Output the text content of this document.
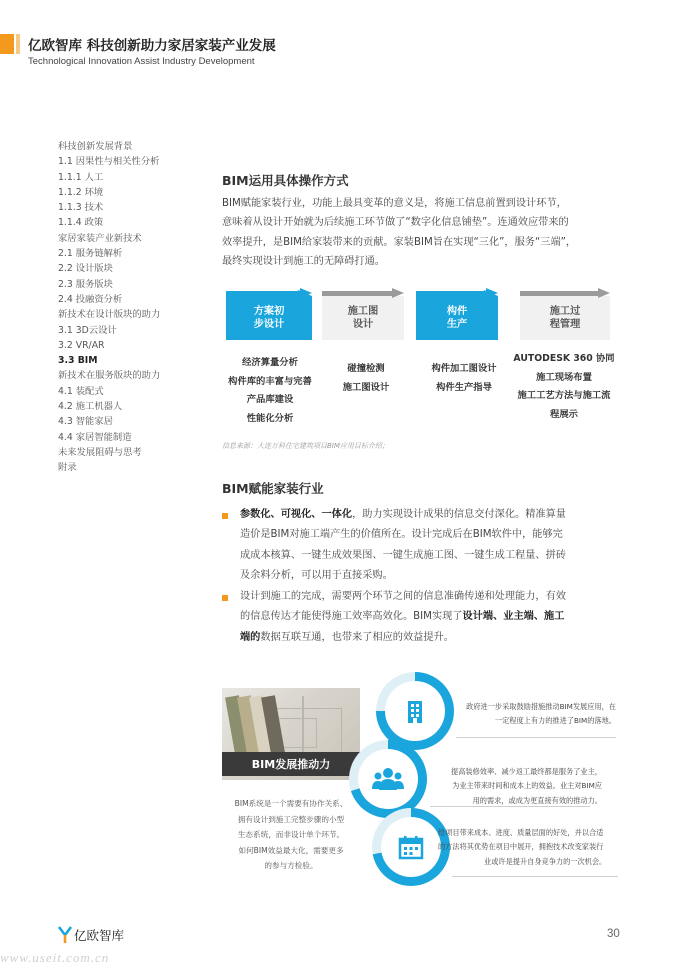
亿欧智库 科技创新助力家居家装产业发展
Technological Innovation Assist Industry Development
科技创新发展背景
1.1 因果性与相关性分析
1.1.1 人工
1.1.2 环境
1.1.3 技术
1.1.4 政策
家居家装产业新技术
2.1 服务链解析
2.2 设计版块
2.3 服务版块
2.4 投融资分析
新技术在设计版块的助力
3.1 3D云设计
3.2 VR/AR
3.3 BIM
新技术在服务版块的助力
4.1 装配式
4.2 施工机器人
4.3 智能家居
4.4 家居智能制造
未来发展阻碍与思考
附录
BIM运用具体操作方式
BIM赋能家装行业，功能上最具变革的意义是，将施工信息前置到设计环节，
意味着从设计开始就为后续施工环节做了“数字化信息铺垫”。连通效应带来的
效率提升，是BIM给家装带来的贡献。家装BIM旨在实现“三化”，服务“三端”，
最终实现设计到施工的无障碍打通。
方案初
步设计
施工图
设计
构件
生产
施工过
程管理
经济算量分析
构件库的丰富与完善
产品库建设
性能化分析
碰撞检测
施工图设计
构件加工图设计
构件生产指导
AUTODESK 360 协同
施工现场布置
施工工艺方法与施工流
程展示
信息来源：大连万科住宅建筑项目BIM应用目标介绍；
BIM赋能家装行业
参数化、可视化、一体化，助力实现设计成果的信息交付深化。精准算量
造价是BIM对施工端产生的价值所在。设计完成后在BIM软件中，能够完
成成本核算、一键生成效果图、一键生成施工图、一键生成工程量、拼砖
及余料分析，可以用于直接采购。
设计到施工的完成，需要两个环节之间的信息准确传递和处理能力，有效
的信息传达才能使得施工效率高效化。BIM实现了设计端、业主端、施工
端的数据互联互通，也带来了相应的效益提升。
BIM发展推动力
BIM系统是一个需要有协作关系、
拥有设计到施工完整步骤的小型
生态系统，而非设计单个环节。
如何BIM效益最大化，需要更多
的参与方检验。
政府进一步采取鼓励措施推动BIM发展应用，在
一定程度上有力的推进了BIM的落地。
提高装修效率、减少返工最终都是服务了业主，
为业主带来时间和成本上的效益。业主对BIM应
用的需求，或成为更直接有效的推动力。
给项目带来成本、进度、质量层面的好处，并以合适
的方法将其优势在项目中展开，拥抱技术改变家装行
业或许是提升自身竞争力的一次机会。
亿欧智库	30
www.useit.com.cn
